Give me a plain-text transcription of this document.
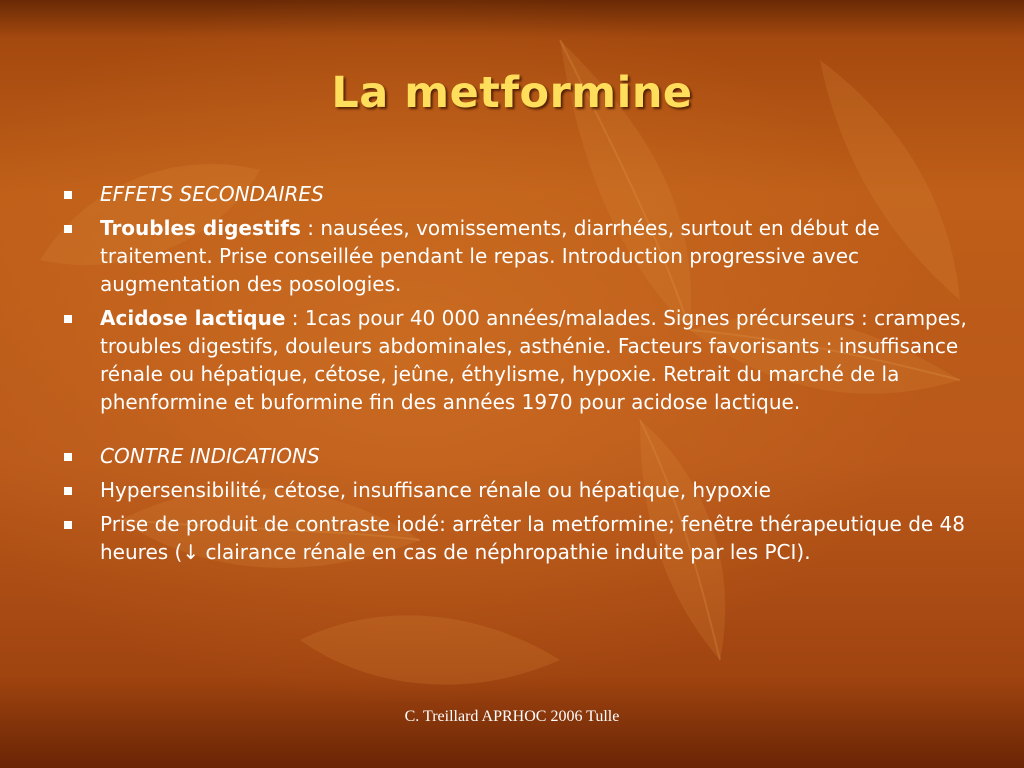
La metformine
EFFETS SECONDAIRES
Troubles digestifs : nausées, vomissements, diarrhées, surtout en début de traitement. Prise conseillée pendant le repas. Introduction progressive avec augmentation des posologies.
Acidose lactique : 1cas pour 40 000 années/malades. Signes précurseurs : crampes, troubles digestifs, douleurs abdominales, asthénie. Facteurs favorisants : insuffisance rénale ou hépatique, cétose, jeûne, éthylisme, hypoxie. Retrait du marché de la phenformine et buformine fin des années 1970 pour acidose lactique.
CONTRE INDICATIONS
Hypersensibilité, cétose, insuffisance rénale ou hépatique, hypoxie
Prise de produit de contraste iodé: arrêter la metformine; fenêtre thérapeutique de 48 heures (↓ clairance rénale en cas de néphropathie induite par les PCI).
C. Treillard APRHOC 2006 Tulle
